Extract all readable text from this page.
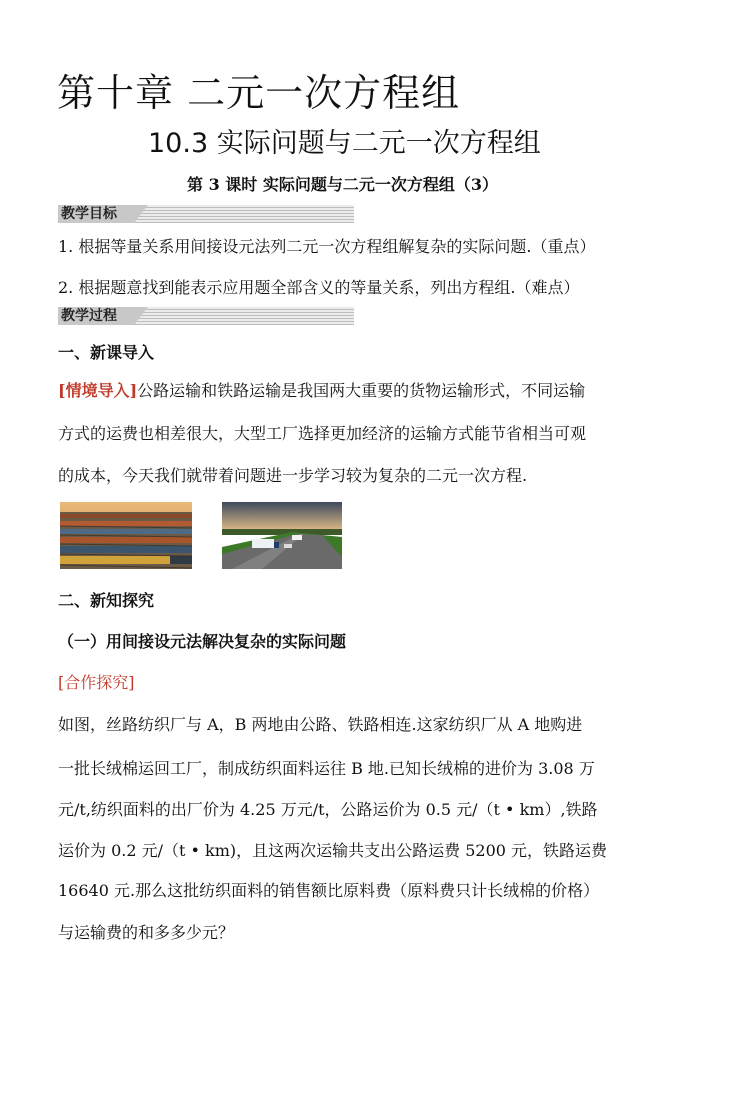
第十章 二元一次方程组
10.3 实际问题与二元一次方程组
第 3 课时 实际问题与二元一次方程组（3）
教学目标
1. 根据等量关系用间接设元法列二元一次方程组解复杂的实际问题.（重点）
2. 根据题意找到能表示应用题全部含义的等量关系，列出方程组.（难点）
教学过程
一、新课导入
[情境导入]公路运输和铁路运输是我国两大重要的货物运输形式，不同运输
方式的运费也相差很大，大型工厂选择更加经济的运输方式能节省相当可观
的成本，今天我们就带着问题进一步学习较为复杂的二元一次方程.
二、新知探究
（一）用间接设元法解决复杂的实际问题
[合作探究]
如图，丝路纺织厂与 A，B 两地由公路、铁路相连.这家纺织厂从 A 地购进
一批长绒棉运回工厂，制成纺织面料运往 B 地.已知长绒棉的进价为 3.08 万
元/t,纺织面料的出厂价为 4.25 万元/t，公路运价为 0.5 元/（t • km）,铁路
运价为 0.2 元/（t • km)，且这两次运输共支出公路运费 5200 元，铁路运费
16640 元.那么这批纺织面料的销售额比原料费（原料费只计长绒棉的价格）
与运输费的和多多少元？
